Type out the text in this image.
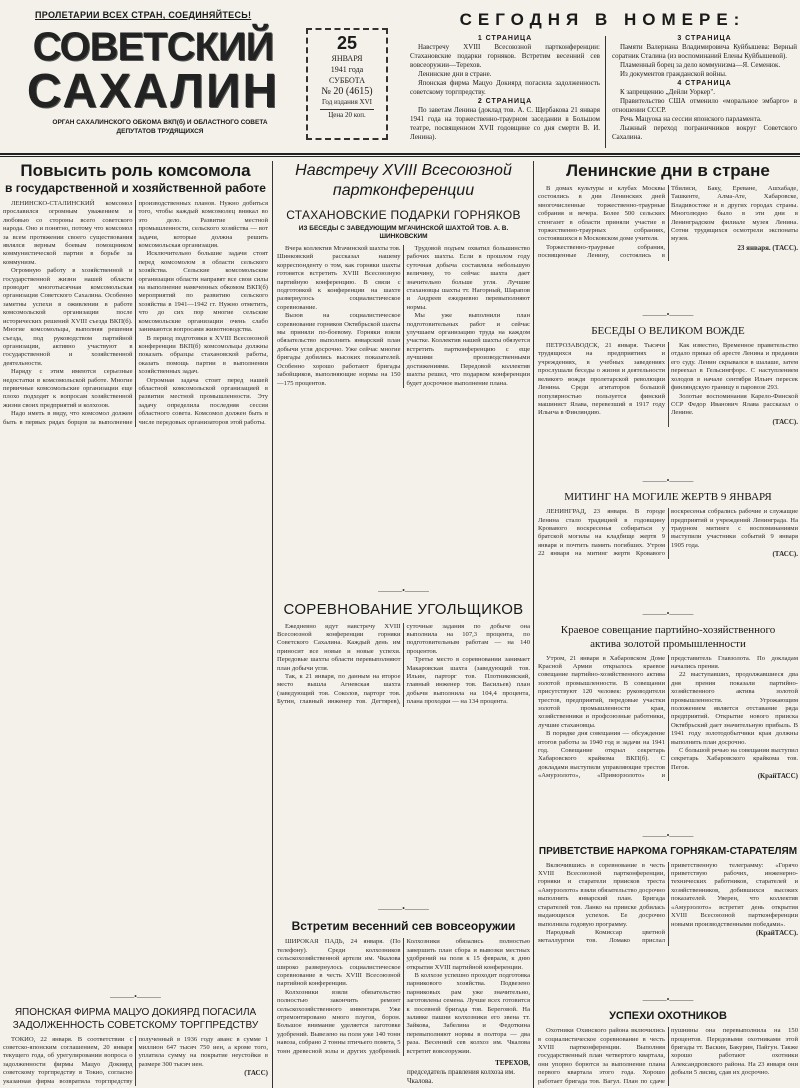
ПРОЛЕТАРИИ ВСЕХ СТРАН, СОЕДИНЯЙТЕСЬ!
СОВЕТСКИЙ
САХАЛИН
ОРГАН САХАЛИНСКОГО ОБКОМА ВКП(б) И ОБЛАСТНОГО СОВЕТА ДЕПУТАТОВ ТРУДЯЩИХСЯ
25
ЯНВАРЯ
1941 года
СУББОТА
№ 20 (4615)
Год издания XVI
Цена 20 коп.
СЕГОДНЯ В НОМЕРЕ:
1 СТРАНИЦА

Навстречу XVIII Всесоюзной партконференции: Стахановские подарки горняков. Встретим весенний сев вовсеоружии—Терехов.

Ленинские дни в стране.

Японская фирма Мацуо Докиярд погасила задолженность советскому торгпредству.

2 СТРАНИЦА

По заветам Ленина (доклад тов. А. С. Щербакова 21 января 1941 года на торжественно-траурном заседании в Большом театре, посвященном XVII годовщине со дня смерти В. И. Ленина).

3 СТРАНИЦА

Памяти Валериана Владимировича Куйбышева: Верный соратник Сталина (из воспоминаний Елены Куйбышевой).

Пламенный борец за дело коммунизма—Я. Семенюк.

Из документов гражданской войны.

4 СТРАНИЦА

К запрещению „Дейли Уоркер".

Правительство США отменило «моральное эмбарго» в отношении СССР.

Речь Мацуока на сессии японского парламента.

Лыжный переход пограничников вокруг Советского Сахалина.

Повысить роль комсомола
в государственной и хозяйственной работе

ЛЕНИНСКО-СТАЛИНСКИЙ комсомол прославился огромным уважением и любовью со стороны всего советского народа. Оно и понятно, потому что комсомол за всем протяжении своего существования являлся верным боевым помощником коммунистической партии в борьбе за коммунизм.

Огромную работу в хозяйственной и государственной жизни нашей области проводит многотысячная комсомольская организация Советского Сахалина. Особенно заметны успехи в оживлении в работе комсомольской организации после исторических решений XVIII съезда ВКП(б). Многие комсомольцы, выполняя решения съезда, под руководством партийной организации, активно участвуют в государственной и хозяйственной деятельности.

Наряду с этим имеются серьезные недостатки в комсомольской работе. Многие первичные комсомольские организации еще плохо подходят к вопросам хозяйственной жизни своих предприятий и колхозов.

Надо иметь в виду, что комсомол должен быть в первых рядах борцов за выполнение производственных планов. Нужно добиться того, чтобы каждый комсомолец вникал во это дело. Развитие местной промышленности, сельского хозяйства — вот задачи, которые должна решить комсомольская организация.

Исключительно большие задачи стоят перед комсомолом в области сельского хозяйства. Сельские комсомольские организации области направят все свои силы на выполнение намеченных обкомом ВКП(б) мероприятий по развитию сельского хозяйства в 1941—1942 гг. Нужно отметить, что до сих пор многие сельские комсомольские организации очень слабо занимаются вопросами животноводства.

В период подготовки к XVIII Всесоюзной конференции ВКП(б) комсомольцы должны показать образцы стахановской работы, оказать помощь партии в выполнении хозяйственных задач.

Огромная задача стоит перед нашей областной комсомольской организацией в развитии местной промышленности. Эту задачу определила последняя сессия областного совета. Комсомол должен быть в числе передовых организаторов этой работы.

———•———
ЯПОНСКАЯ ФИРМА МАЦУО ДОКИЯРД ПОГАСИЛА
ЗАДОЛЖЕННОСТЬ СОВЕТСКОМУ ТОРГПРЕДСТВУ

ТОКИО, 22 января. В соответствии с советско-японским соглашением, 20 января текущего года, об урегулировании вопроса о задолженности фирмы Мацуо Докиярд советскому торгпредству в Токио, согласно указанная фирма возвратила торгпредству полученный в 1936 году аванс в сумме 1 миллион 647 тысяч 750 иен, а кроме того, уплатила сумму на покрытие неустойки в размере 300 тысяч иен.

(ТАСС)
Навстречу XVIII Всесоюзной
партконференции
СТАХАНОВСКИЕ ПОДАРКИ ГОРНЯКОВ
ИЗ БЕСЕДЫ С ЗАВЕДУЮЩИМ МГАЧИНСКОЙ ШАХТОЙ ТОВ. А. В. ШИНКОВСКИМ

Вчера коллектив Мгачинской шахты тов. Шинковский рассказал нашему корреспонденту о том, как горняки шахты готовятся встретить XVIII Всесоюзную партийную конференцию. В связи с подготовкой к конференции на шахте развернулось социалистическое соревнование.

Вызов на социалистическое соревнование горняков Октябрьской шахты мы приняли по-боевому. Горняки взяли обязательство выполнить январский план добычи угля досрочно. Уже сейчас многие бригады добились высоких показателей. Особенно хорошо работают бригады забойщиков, выполняющие нормы на 150—175 процентов.

Трудовой подъем охватил большинство рабочих шахты. Если в прошлом году суточная добыча составляла небольшую величину, то сейчас шахта дает значительно больше угля. Лучшие стахановцы шахты тт. Нагорный, Шарапов и Андреев ежедневно перевыполняют нормы.

Мы уже выполнили план подготовительных работ и сейчас улучшаем организацию труда на каждом участке. Коллектив нашей шахты обязуется встретить партконференцию с еще лучшими производственными достижениями. Передовой коллектив шахты решил, что подарком конференции будет досрочное выполнение плана.

———•———
СОРЕВНОВАНИЕ УГОЛЬЩИКОВ

Ежедневно идут навстречу XVIII Всесоюзной конференции горняки Советского Сахалина. Каждый день им приносит все новые и новые успехи. Передовые шахты области перевыполняют план добычи угля.

Так, к 21 января, по данным на второе место вышла Агневская шахта (заведующий тов. Соколов, парторг тов. Бутин, главный инженер тов. Дегтярев), суточные задания по добыче она выполнила на 107,3 процента, по подготовительным работам — на 140 процентов.

Третье место в соревновании занимает Макаровская шахта (заведующий тов. Ильин, парторг тов. Плотниковский, главный инженер тов. Васильев) план добычи выполнила на 104,4 процента, плана проходки — на 134 процента.

———•———
Встретим весенний сев вовсеоружии

ШИРОКАЯ ПАДЬ, 24 января. (По телефону). Среди колхозников сельскохозяйственной артели им. Чкалова широко развернулось социалистическое соревнование в честь XVIII Всесоюзной партийной конференции.

Колхозники взяли обязательство полностью закончить ремонт сельскохозяйственного инвентаря. Уже отремонтировано много плугов, борон. Большое внимание уделяется заготовке удобрений. Вывезено на поля уже 140 тонн навоза, собрано 2 тонны птичьего помета, 5 тонн древесной золы и других удобрений. Колхозники обязались полностью завершить план сбора и вывозки местных удобрений на поля к 15 февраля, к дню открытия XVIII партийной конференции.

В колхозе успешно проходит подготовка парникового хозяйства. Подвезено парниковых рам уже значительно, заготовлены семена. Лучше всех готовится к посевной бригада тов. Береговой. На заливке пашни колхозники его звена тт. Зайкова, Забелина и Федоткина перевыполняют нормы в полтора — два раза. Весенний сев колхоз им. Чкалова встретит вовсеоружии.

ТЕРЕХОВ,
председатель правления колхоза им. Чкалова.
Ленинские дни в стране

В домах культуры и клубах Москвы состоялись в дни Ленинских дней многочисленные торжественно-траурные собрания и вечера. Более 500 сельских стенгазет в области приняли участие в торжественно-траурных собраниях, состоявшихся в Московском доме учителя.

Торжественно-траурные собрания, посвященные Ленину, состоялись в Тбилиси, Баку, Ереване, Ашхабаде, Ташкенте, Алма-Ате, Хабаровске, Владивостоке и в других городах страны. Многолюдно было в эти дни в Ленинградском филиале музея Ленина. Сотни трудящихся осмотрели экспонаты музея.

23 января. (ТАСС).
———•———
БЕСЕДЫ О ВЕЛИКОМ ВОЖДЕ

ПЕТРОЗАВОДСК, 21 января. Тысячи трудящихся на предприятиях и учреждениях, в учебных заведениях прослушали беседы о жизни и деятельности великого вождя пролетарской революции Ленина. Среди агитаторов большой популярностью пользуется финский машинист Ялава, перевезший в 1917 году Ильича в Финляндию.

Как известно, Временное правительство отдало приказ об аресте Ленина и предании его суду. Ленин скрывался в шалаше, затем переехал в Гельсингфорс. С наступлением холодов в начале сентября Ильич пересек финляндскую границу в паровозе 293.

Золотые воспоминания Карело-Финской ССР Федор Иванович Ялава рассказал о Ленине.

(ТАСС).
———•———
МИТИНГ НА МОГИЛЕ ЖЕРТВ 9 ЯНВАРЯ

ЛЕНИНГРАД, 23 января. В городе Ленина стало традицией в годовщину Кровавого воскресенья собираться у братской могилы на кладбище жертв 9 января и почтить память погибших. Утром 22 января на митинг жертв Кровавого воскресенья собрались рабочие и служащие предприятий и учреждений Ленинграда. На траурном митинге с воспоминаниями выступили участники событий 9 января 1905 года.

(ТАСС).
———•———
Краевое совещание партийно-хозяйственного
актива золотой промышленности

Утром, 21 января в Хабаровском Доме Красной Армии открылось краевое совещание партийно-хозяйственного актива золотой промышленности. В совещании присутствуют 120 человек: руководители трестов, предприятий, передовые участки золотой промышленности края, хозяйственники и профсоюзные работники, лучшие стахановцы.

В порядке дня совещания — обсуждение итогов работы за 1940 год и задачи на 1941 год. Совещание открыл секретарь Хабаровского крайкома ВКП(б). С докладами выступили управляющие трестов «Амурзолото», «Приморзолото» и представитель Главзолота. По докладам начались прения.

22 выступавших, продолжавшиеся два дня прения показали партийно-хозяйственного актива золотой промышленности. Угрожающим положением является отставание ряда предприятий. Открытие нового прииска Октябрьский дает значительную прибыль. В 1941 году золотодобытчики края должны выполнить план досрочно.

С большой речью на совещании выступил секретарь Хабаровского крайкома тов. Пегов.

(КрайТАСС)
———•———
ПРИВЕТСТВИЕ НАРКОМА ГОРНЯКАМ-СТАРАТЕЛЯМ

Включившись в соревнование в честь XVIII Всесоюзной партконференции, горняки и старатели приисков треста «Амурзолото» взяли обязательство досрочно выполнить январский план. Бригада старателей тов. Ланко на прииске добилась выдающихся успехов. Ее досрочно выполнила годовую программу.

Народный Комиссар цветной металлургии тов. Ломако прислал приветственную телеграмму: «Горячо приветствую рабочих, инженерно-технических работников, старателей и хозяйственников, добившихся высоких показателей. Уверен, что коллектив «Амурзолото» встретит день открытия XVIII Всесоюзной партконференции новыми производственными победами».

(КрайТАСС).
———•———
УСПЕХИ ОХОТНИКОВ

Охотники Охинского района включились в социалистическое соревнование в честь XVIII партконференции. Выполняя государственный план четвертого квартала, они упорно борются за выполнение плана первого квартала этого года. Хорошо работает бригада тов. Вагул. План по сдаче пушнины она перевыполнила на 150 процентов. Передовыми охотниками этой бригады тт. Васкин, Бакурин, Пайгун. Также хорошо работают охотники Александровского района. На 23 января они добыли 5 лисиц, сдав их досрочно.
